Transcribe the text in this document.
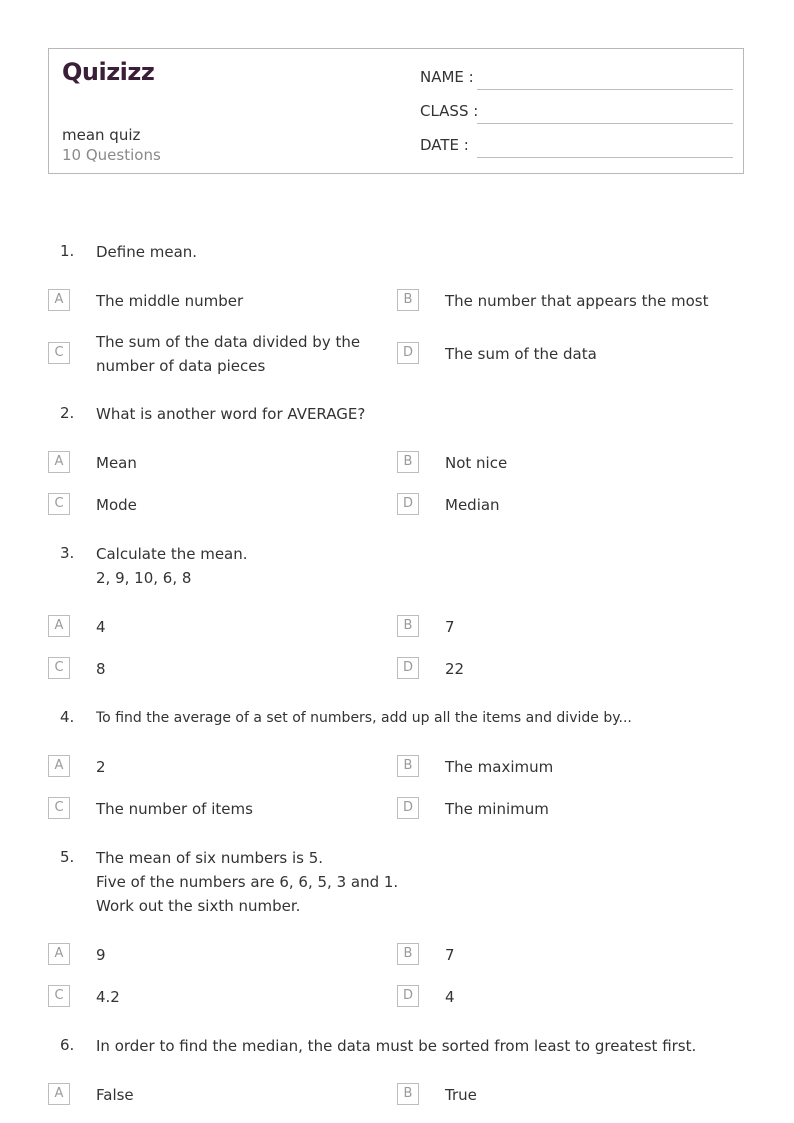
Quizizz
mean quiz
10 Questions
NAME :
CLASS :
DATE :
1. Define mean.
A	The middle number	B	The number that appears the most
C
The sum of the data divided by the number of data pieces
D	The sum of the data
2. What is another word for AVERAGE?
A	Mean	B	Not nice
C	Mode	D	Median
3. Calculate the mean.
2, 9, 10, 6, 8
A	4	B	7
C	8	D	22
4. To find the average of a set of numbers, add up all the items and divide by...
A	2	B	The maximum
C	The number of items	D	The minimum
5. The mean of six numbers is 5.
Five of the numbers are 6, 6, 5, 3 and 1.
Work out the sixth number.
A	9	B	7
C	4.2	D	4
6. In order to find the median, the data must be sorted from least to greatest first.
A	False	B	True
